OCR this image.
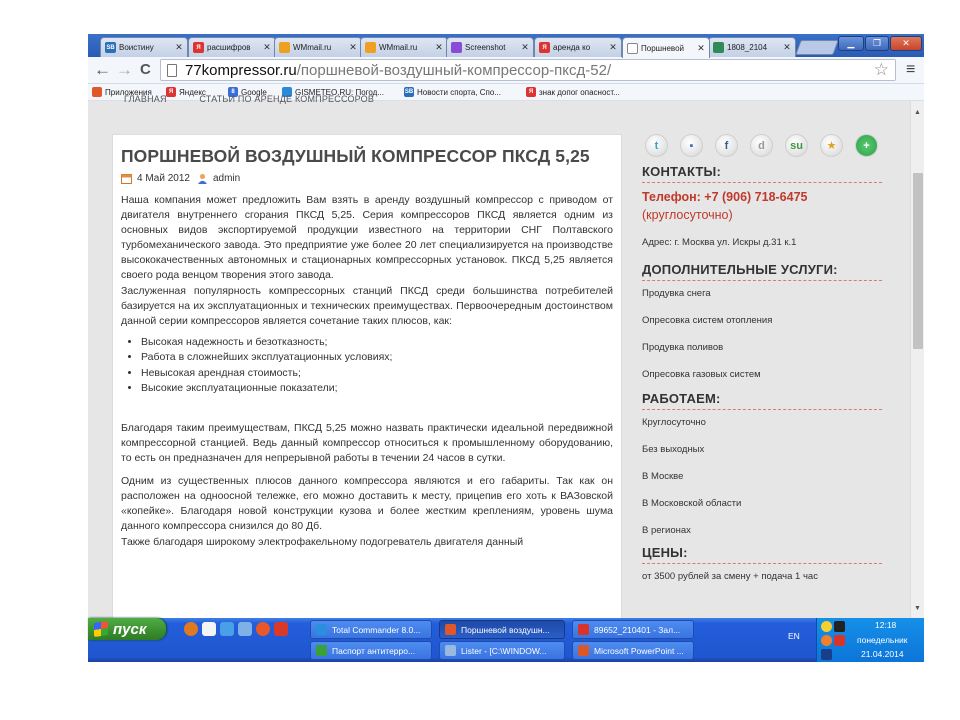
SB Вoистину	✕	Я расшифров	✕	WMmail.ru	✕	WMmail.ru	✕	Screenshot	✕	Я аренда ко	✕	Поршневой	✕	1808_2104	✕	▁	❐	✕
← → C 77kompressor.ru/поршневой-воздушный-компрессор-пксд-52/	☆ ≡
Приложения	Я Яндекс	8 Google	GISMETEO.RU: Погод...	SB Новости спорта, Спо...	Я знак допог опасност...
ГЛАВНАЯ	СТАТЬИ ПО АРЕНДЕ КОМПРЕССОРОВ
ПОРШНЕВОЙ ВОЗДУШНЫЙ КОМПРЕССОР ПКСД 5,25
4 Май 2012 admin
Наша компания может предложить Вам взять в аренду воздушный компрессор с приводом от двигателя внутреннего сгорания ПКСД 5,25. Серия компрессоров ПКСД является одним из основных видов экспортируемой продукции известного на территории СНГ Полтавского турбомеханического завода. Это предприятие уже более 20 лет специализируется на производстве высококачественных автономных и стационарных компрессорных установок. ПКСД 5,25 является своего рода венцом творения этого завода.
Заслуженная популярность компрессорных станций ПКСД среди большинства потребителей базируется на их эксплуатационных и технических преимуществах. Первоочередным достоинством данной серии компрессоров является сочетание таких плюсов, как:
• Высокая надежность и безотказность;
• Работа в сложнейших эксплуатационных условиях;
• Невысокая арендная стоимость;
• Высокие эксплуатационные показатели;
Благодаря таким преимуществам, ПКСД 5,25 можно назвать практически идеальной передвижной компрессорной станцией. Ведь данный компрессор относиться к промышленному оборудованию, то есть он предназначен для непрерывной работы в течении 24 часов в сутки.
Одним из существенных плюсов данного компрессора являются и его габариты. Так как он расположен на одноосной тележке, его можно доставить к месту, прицепив его хоть к ВАЗовской «копейке». Благодаря новой конструкции кузова и более жестким креплениям, уровень шума данного компрессора снизился до 80 Дб.
Также благодаря широкому электрофакельному подогреватель двигателя данный
t	▪	f	d	su	★	+
КОНТАКТЫ:
Телефон: +7 (906) 718-6475
(круглосуточно)
Адрес: г. Москва ул. Искры д.31 к.1
ДОПОЛНИТЕЛЬНЫЕ УСЛУГИ:
Продувка снега
Опресовка систем отопления
Продувка поливов
Опресовка газовых систем
РАБОТАЕМ:
Круглосуточно
Без выходных
В Москве
В Московской области
В регионах
ЦЕНЫ:
от 3500 рублей за смену + подача 1 час
▲
▼
пуск	Total Commander 8.0...	Поршневой воздушн...	89652_210401 - Зал...
Паспорт антитерро...	Lister - [C:\WINDOW...	Microsoft PowerPoint ...
EN
12:18
понедельник
21.04.2014
